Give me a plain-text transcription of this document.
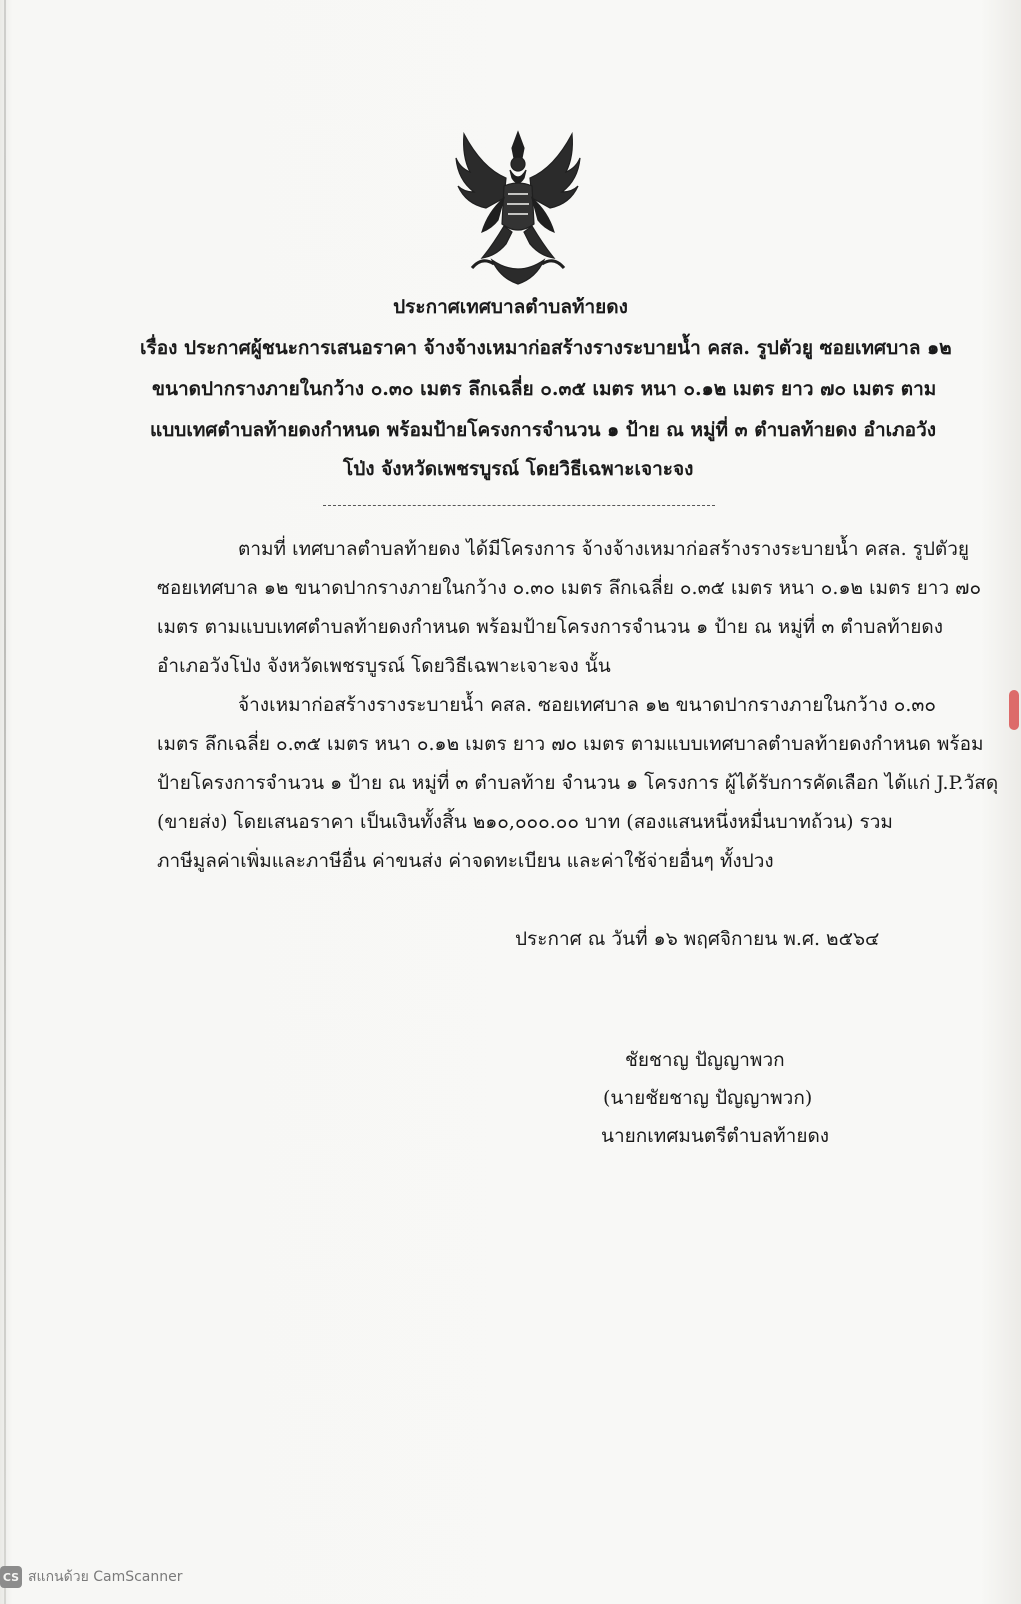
ประกาศเทศบาลตำบลท้ายดง
เรื่อง ประกาศผู้ชนะการเสนอราคา จ้างจ้างเหมาก่อสร้างรางระบายน้ำ คสล. รูปตัวยู ซอยเทศบาล ๑๒
ขนาดปากรางภายในกว้าง ๐.๓๐ เมตร ลึกเฉลี่ย ๐.๓๕ เมตร หนา ๐.๑๒ เมตร ยาว ๗๐ เมตร ตาม
แบบเทศตำบลท้ายดงกำหนด พร้อมป้ายโครงการจำนวน ๑ ป้าย ณ หมู่ที่ ๓ ตำบลท้ายดง อำเภอวัง
โป่ง จังหวัดเพชรบูรณ์ โดยวิธีเฉพาะเจาะจง
ตามที่ เทศบาลตำบลท้ายดง ได้มีโครงการ จ้างจ้างเหมาก่อสร้างรางระบายน้ำ คสล. รูปตัวยู
ซอยเทศบาล ๑๒ ขนาดปากรางภายในกว้าง ๐.๓๐ เมตร ลึกเฉลี่ย ๐.๓๕ เมตร หนา ๐.๑๒ เมตร ยาว ๗๐
เมตร ตามแบบเทศตำบลท้ายดงกำหนด พร้อมป้ายโครงการจำนวน ๑ ป้าย ณ หมู่ที่ ๓ ตำบลท้ายดง
อำเภอวังโป่ง จังหวัดเพชรบูรณ์ โดยวิธีเฉพาะเจาะจง นั้น
จ้างเหมาก่อสร้างรางระบายน้ำ คสล. ซอยเทศบาล ๑๒ ขนาดปากรางภายในกว้าง ๐.๓๐
เมตร ลึกเฉลี่ย ๐.๓๕ เมตร หนา ๐.๑๒ เมตร ยาว ๗๐ เมตร ตามแบบเทศบาลตำบลท้ายดงกำหนด พร้อม
ป้ายโครงการจำนวน ๑ ป้าย ณ หมู่ที่ ๓ ตำบลท้าย จำนวน ๑ โครงการ ผู้ได้รับการคัดเลือก ได้แก่ J.P.วัสดุ
(ขายส่ง) โดยเสนอราคา เป็นเงินทั้งสิ้น ๒๑๐,๐๐๐.๐๐ บาท (สองแสนหนึ่งหมื่นบาทถ้วน) รวม
ภาษีมูลค่าเพิ่มและภาษีอื่น ค่าขนส่ง ค่าจดทะเบียน และค่าใช้จ่ายอื่นๆ ทั้งปวง
ประกาศ ณ วันที่ ๑๖ พฤศจิกายน พ.ศ. ๒๕๖๔
ชัยชาญ ปัญญาพวก
(นายชัยชาญ ปัญญาพวก)
นายกเทศมนตรีตำบลท้ายดง
CS สแกนด้วย CamScanner
